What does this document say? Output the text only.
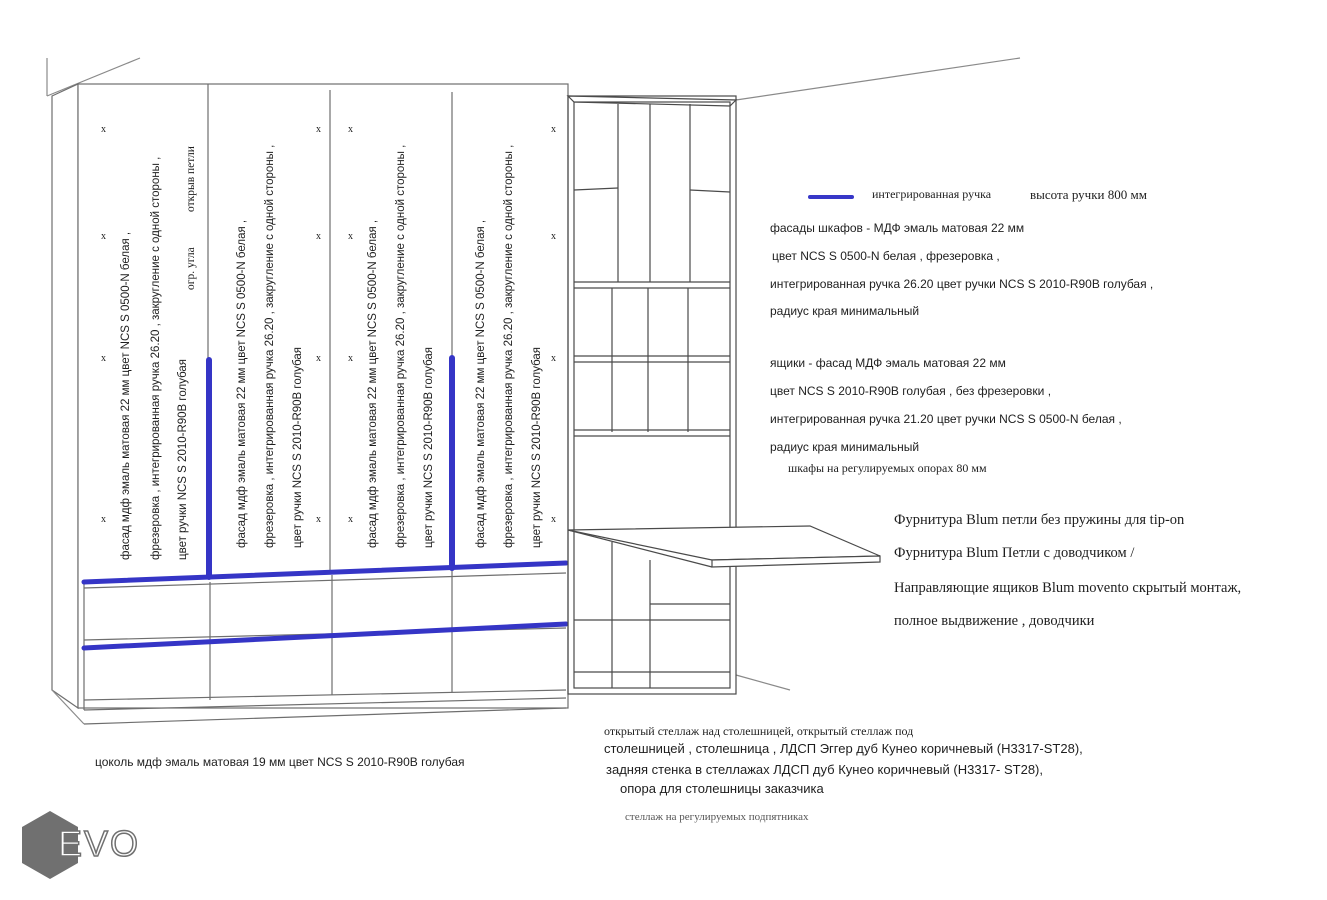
x
x
x
x
x
x
x
x
x
x
x
x
x
x
x
x
фасад мдф эмаль матовая 22 мм цвет NCS S 0500-N белая , фрезеровка , интегрированная ручка 26.20 , закругление с одной стороны , цвет ручки NCS S 2010-R90B голубая	фасад мдф эмаль матовая 22 мм цвет NCS S 0500-N белая , фрезеровка , интегрированная ручка 26.20 , закругление с одной стороны , цвет ручки NCS S 2010-R90B голубая	фасад мдф эмаль матовая 22 мм цвет NCS S 0500-N белая , фрезеровка , интегрированная ручка 26.20 , закругление с одной стороны , цвет ручки NCS S 2010-R90B голубая	фасад мдф эмаль матовая 22 мм цвет NCS S 0500-N белая , фрезеровка , интегрированная ручка 26.20 , закругление с одной стороны , цвет ручки NCS S 2010-R90B голубая
огр. угла
открыв петли	интегрированная ручка	высота ручки 800 мм
фасады шкафов - МДФ эмаль матовая 22 мм
цвет NCS S 0500-N белая , фрезеровка ,
интегрированная ручка 26.20 цвет ручки NCS S 2010-R90B голубая ,
радиус края минимальный
ящики - фасад МДФ эмаль матовая 22 мм
цвет NCS S 2010-R90B голубая , без фрезеровки ,
интегрированная ручка 21.20 цвет ручки NCS S 0500-N белая ,
радиус края минимальный
шкафы на регулируемых опорах 80 мм
Фурнитура Blum петли без пружины для tip-on
Фурнитура Blum Петли с доводчиком /
Направляющие ящиков Blum movento скрытый монтаж,
полное выдвижение , доводчики
цоколь мдф эмаль матовая 19 мм цвет NCS S 2010-R90B голубая
открытый стеллаж над столешницей, открытый стеллаж под
столешницей , столешница , ЛДСП Эггер дуб Кунео коричневый (H3317-ST28),
задняя стенка в стеллажах ЛДСП дуб Кунео коричневый (H3317- ST28),
опора для столешницы заказчика
стеллаж на регулируемых подпятниках
EVO
